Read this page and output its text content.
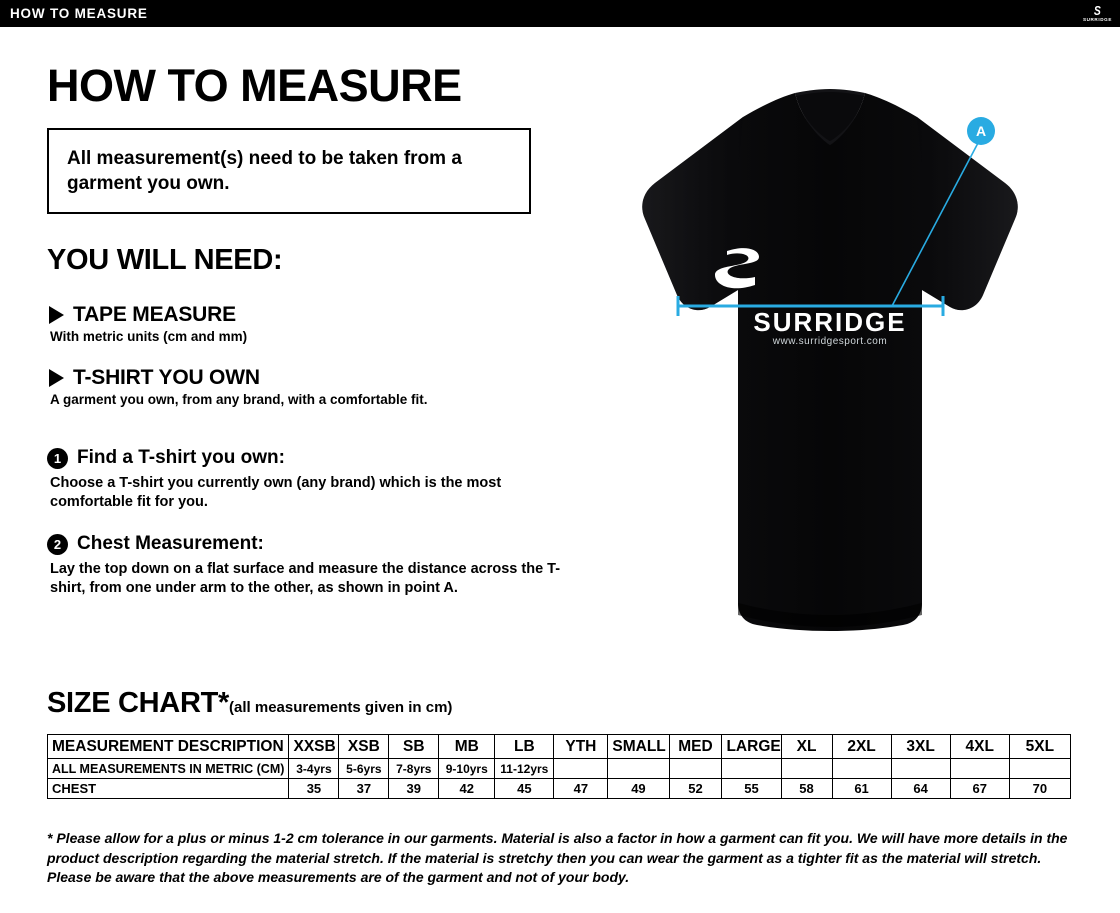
HOW TO MEASURE	S
SURRIDGE
HOW TO MEASURE

All measurement(s) need to be taken from a garment you own.

YOU WILL NEED:
TAPE MEASURE
With metric units (cm and mm)
T-SHIRT YOU OWN
A garment you own, from any brand, with a comfortable fit.
1 Find a T-shirt you own:
Choose a T-shirt you currently own (any brand) which is the most comfortable fit for you.
2 Chest Measurement:
Lay the top down on a flat surface and measure the distance across the T-shirt, from one under arm to the other, as shown in point A.
SURRIDGE
www.surridgesport.com
A
SIZE CHART*(all measurements given in cm)
MEASUREMENT DESCRIPTION	XXSB	XSB	SB	MB	LB	YTH	SMALL	MED	LARGE	XL	2XL	3XL	4XL	5XL
ALL MEASUREMENTS IN METRIC (CM)	3-4yrs	5-6yrs	7-8yrs	9-10yrs	11-12yrs									
CHEST	35	37	39	42	45	47	49	52	55	58	61	64	67	70
* Please allow for a plus or minus 1-2 cm tolerance in our garments. Material is also a factor in how a garment can fit you. We will have more details in the product description regarding the material stretch. If the material is stretchy then you can wear the garment as a tighter fit as the material will stretch. Please be aware that the above measurements are of the garment and not of your body.
